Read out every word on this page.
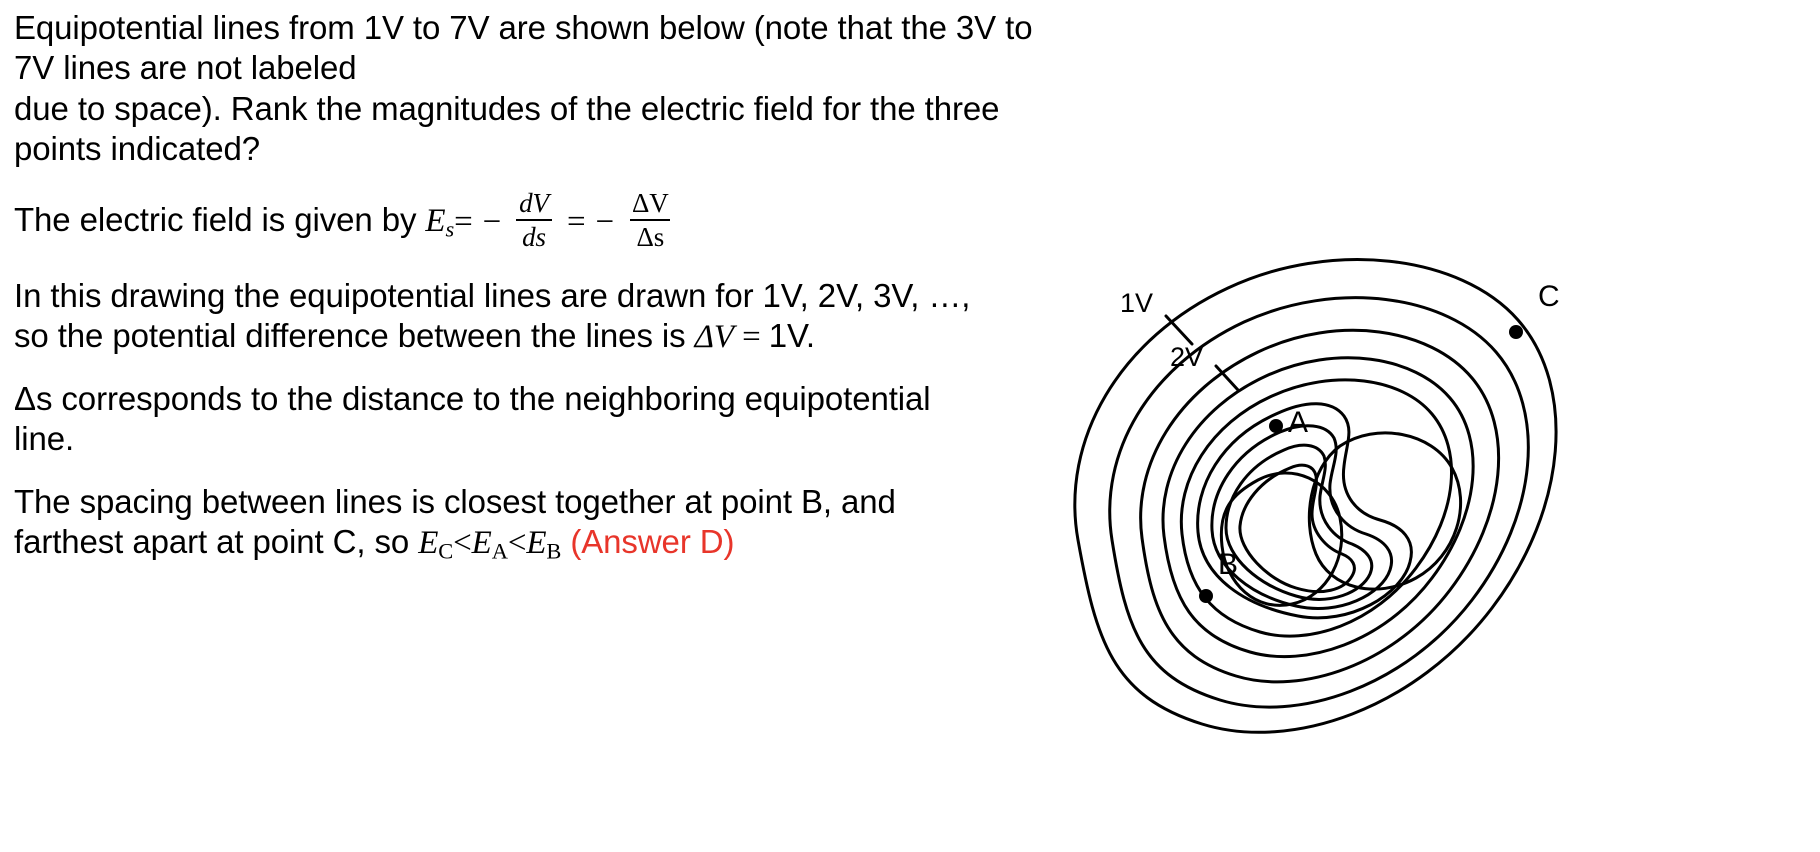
Equipotential lines from 1V to 7V are shown below (note that the 3V to 7V lines are not labeled
due to space). Rank the magnitudes of the electric field for the three points indicated?

The electric field is given by $E_s$ = − $\frac{dV}{ds}$ = − $\frac{\Delta V}{\Delta s}$

In this drawing the equipotential lines are drawn for 1V, 2V, 3V, …,
so the potential difference between the lines is ΔV = 1V.

Δs corresponds to the distance to the neighboring equipotential
line.

The spacing between lines is closest together at point B, and
farthest apart at point C, so EC<EA<EB (Answer D)

1V
2V
A
B
C
